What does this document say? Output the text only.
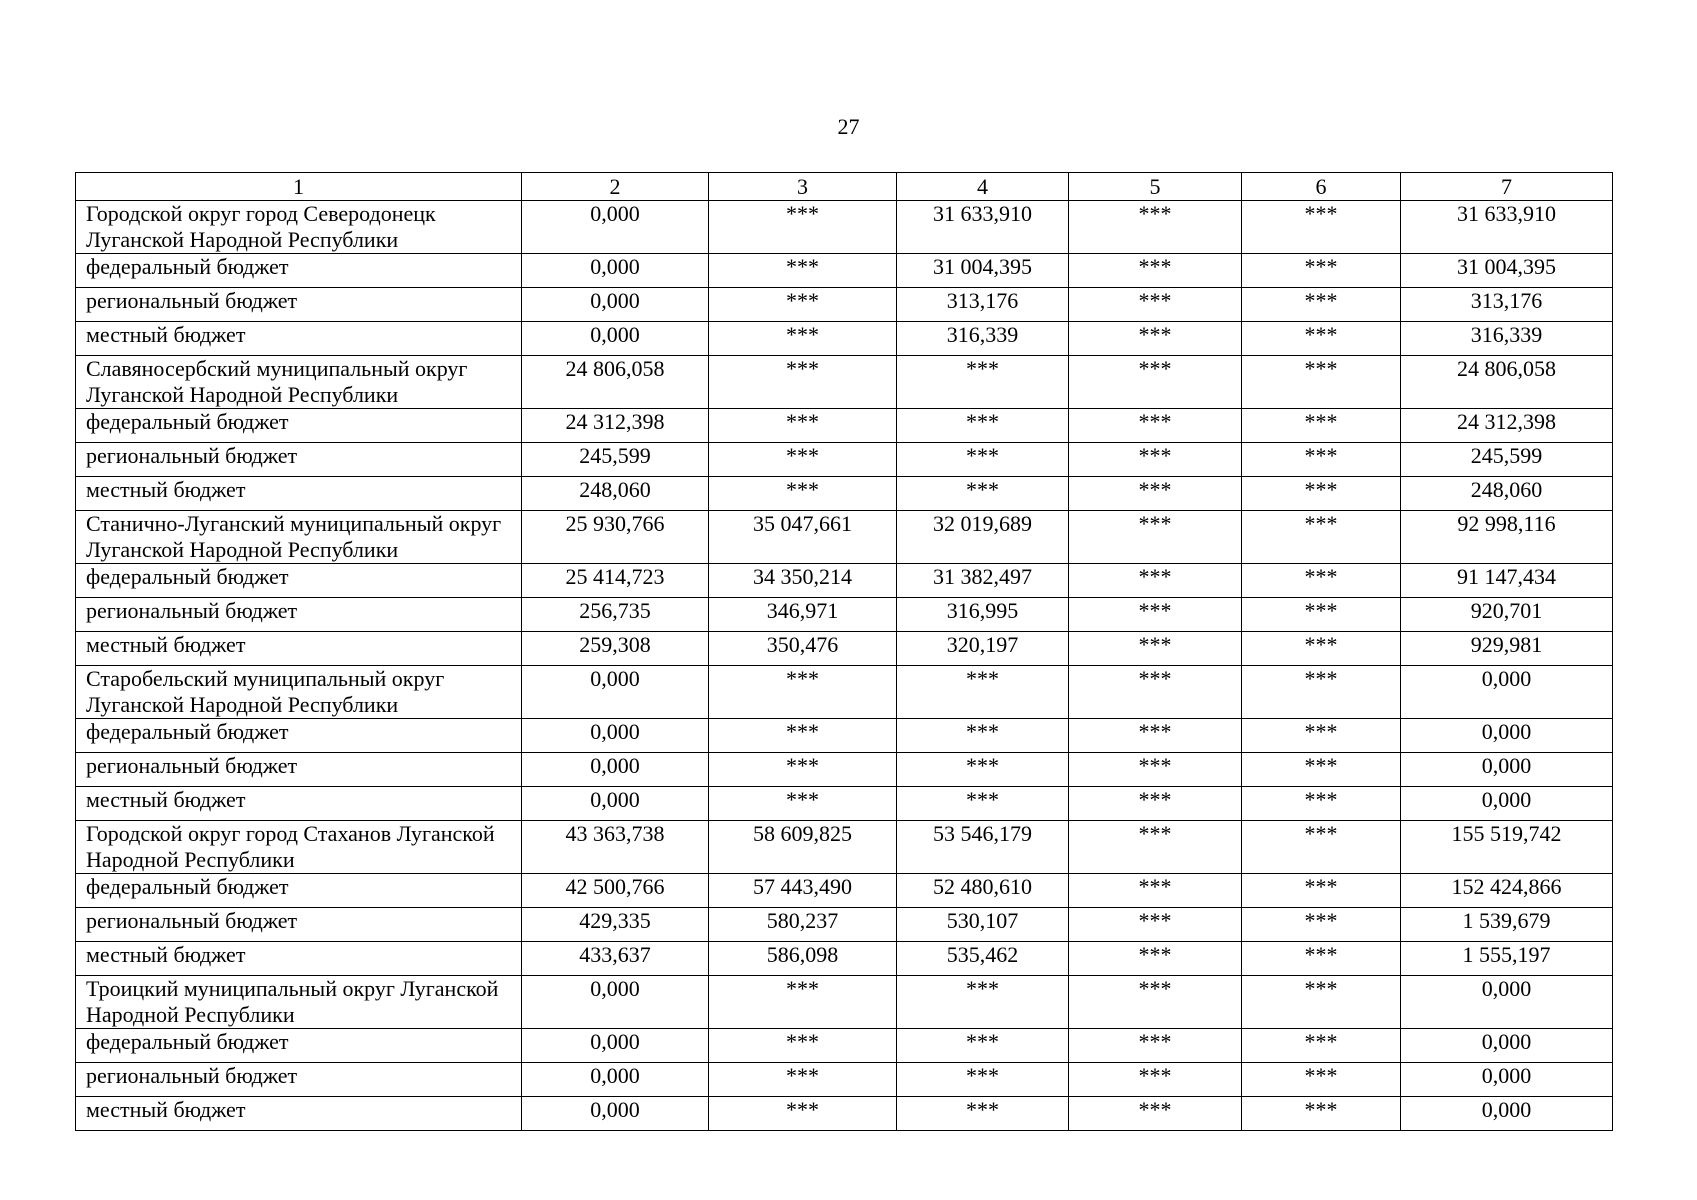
27
1	2	3	4	5	6	7
Городской округ город Северодонецк Луганской Народной Республики	0,000	***	31 633,910	***	***	31 633,910
федеральный бюджет	0,000	***	31 004,395	***	***	31 004,395
региональный бюджет	0,000	***	313,176	***	***	313,176
местный бюджет	0,000	***	316,339	***	***	316,339
Славяносербский муниципальный округ Луганской Народной Республики	24 806,058	***	***	***	***	24 806,058
федеральный бюджет	24 312,398	***	***	***	***	24 312,398
региональный бюджет	245,599	***	***	***	***	245,599
местный бюджет	248,060	***	***	***	***	248,060
Станично-Луганский муниципальный округ Луганской Народной Республики	25 930,766	35 047,661	32 019,689	***	***	92 998,116
федеральный бюджет	25 414,723	34 350,214	31 382,497	***	***	91 147,434
региональный бюджет	256,735	346,971	316,995	***	***	920,701
местный бюджет	259,308	350,476	320,197	***	***	929,981
Старобельский муниципальный округ Луганской Народной Республики	0,000	***	***	***	***	0,000
федеральный бюджет	0,000	***	***	***	***	0,000
региональный бюджет	0,000	***	***	***	***	0,000
местный бюджет	0,000	***	***	***	***	0,000
Городской округ город Стаханов Луганской Народной Республики	43 363,738	58 609,825	53 546,179	***	***	155 519,742
федеральный бюджет	42 500,766	57 443,490	52 480,610	***	***	152 424,866
региональный бюджет	429,335	580,237	530,107	***	***	1 539,679
местный бюджет	433,637	586,098	535,462	***	***	1 555,197
Троицкий муниципальный округ Луганской Народной Республики	0,000	***	***	***	***	0,000
федеральный бюджет	0,000	***	***	***	***	0,000
региональный бюджет	0,000	***	***	***	***	0,000
местный бюджет	0,000	***	***	***	***	0,000
